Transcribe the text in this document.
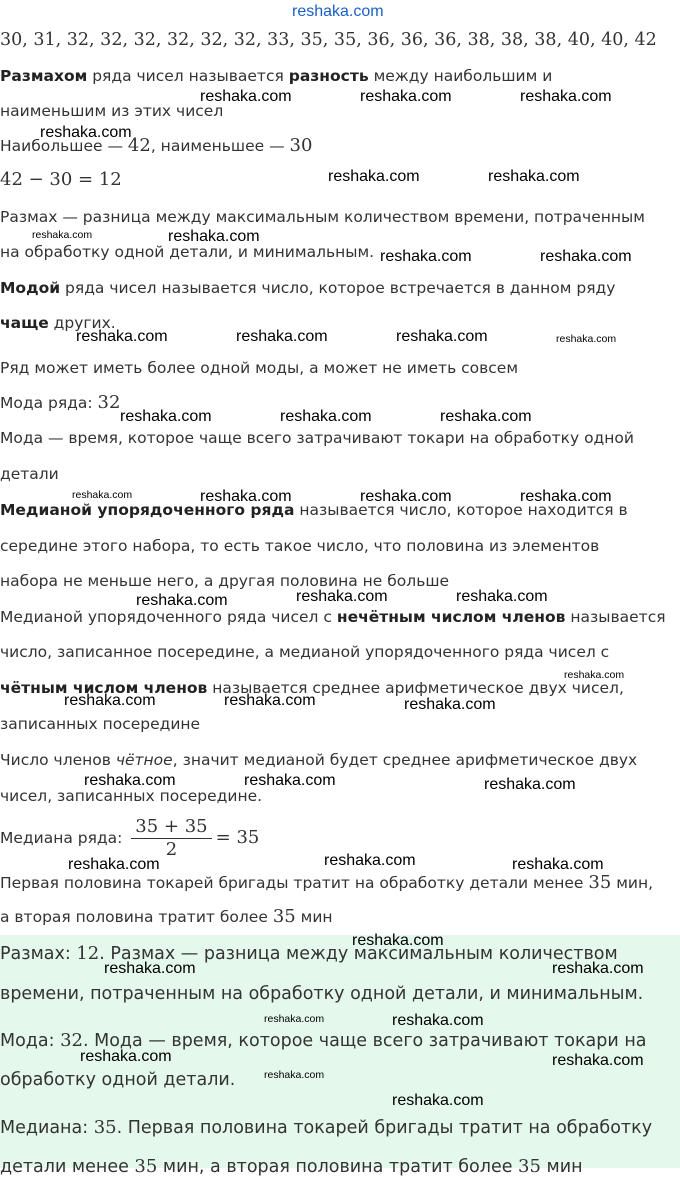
reshaka.com
30, 31, 32, 32, 32, 32, 32, 32, 33, 35, 35, 36, 36, 36, 38, 38, 38, 40, 40, 42
Размахом ряда чисел называется разность между наибольшим и
наименьшим из этих чисел
Наибольшее — 42, наименьшее — 30
42 − 30 = 12
Размах — разница между максимальным количеством времени, потраченным
на обработку одной детали, и минимальным.
Модой ряда чисел называется число, которое встречается в данном ряду
чаще других.
Ряд может иметь более одной моды, а может не иметь совсем
Мода ряда: 32
Мода — время, которое чаще всего затрачивают токари на обработку одной
детали
Медианой упорядоченного ряда называется число, которое находится в
середине этого набора, то есть такое число, что половина из элементов
набора не меньше него, а другая половина не больше
Медианой упорядоченного ряда чисел с нечётным числом членов называется
число, записанное посередине, а медианой упорядоченного ряда чисел с
чётным числом членов называется среднее арифметическое двух чисел,
записанных посередине
Число членов чётное, значит медианой будет среднее арифметическое двух
чисел, записанных посередине.
Медиана ряда: $\frac{35 + 35}{2} = 35$
Первая половина токарей бригады тратит на обработку детали менее 35 мин,
а вторая половина тратит более 35 мин
Размах: 12. Размах — разница между максимальным количеством
времени, потраченным на обработку одной детали, и минимальным.
Мода: 32. Мода — время, которое чаще всего затрачивают токари на
обработку одной детали.
Медиана: 35. Первая половина токарей бригады тратит на обработку
детали менее 35 мин, а вторая половина тратит более 35 мин
reshaka.com	reshaka.com	reshaka.com
reshaka.com
reshaka.com	reshaka.com
reshaka.com	reshaka.com
reshaka.com	reshaka.com
reshaka.com	reshaka.com	reshaka.com	reshaka.com
reshaka.com	reshaka.com	reshaka.com
reshaka.com	reshaka.com	reshaka.com	reshaka.com
reshaka.com	reshaka.com	reshaka.com
reshaka.com
reshaka.com	reshaka.com	reshaka.com
reshaka.com	reshaka.com	reshaka.com
reshaka.com	reshaka.com	reshaka.com
reshaka.com
reshaka.com	reshaka.com
reshaka.com	reshaka.com
reshaka.com	reshaka.com
reshaka.com
reshaka.com
